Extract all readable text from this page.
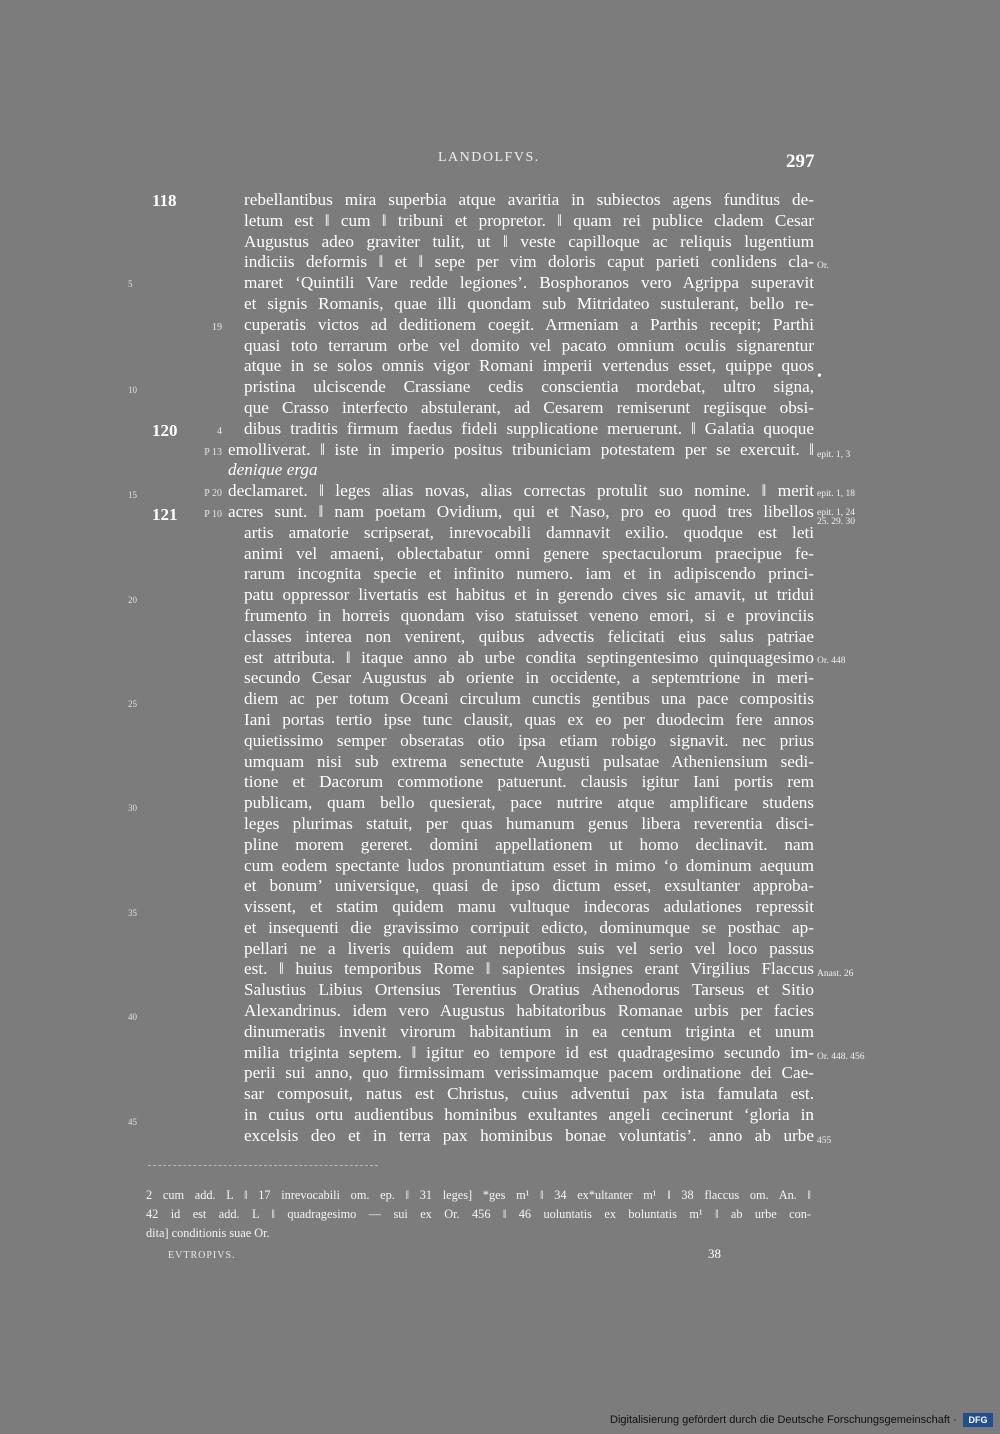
LANDOLFVS.	297
118
120
121
5
10
15
20
25
30
35
40
45
19
4
P 13
P 20
P 10
rebellantibus mira superbia atque avaritia in subiectos agens funditus de-
letum est ‖ cum ‖ tribuni et propretor. ‖ quam rei publice cladem Cesar
Augustus adeo graviter tulit, ut ‖ veste capilloque ac reliquis lugentium
indiciis deformis ‖ et ‖ sepe per vim doloris caput parieti conlidens cla-
maret ‘Quintili Vare redde legiones’. Bosphoranos vero Agrippa superavit
et signis Romanis, quae illi quondam sub Mitridateo sustulerant, bello re-
cuperatis victos ad deditionem coegit. Armeniam a Parthis recepit; Parthi
quasi toto terrarum orbe vel domito vel pacato omnium oculis signarentur
atque in se solos omnis vigor Romani imperii vertendus esset, quippe quos
pristina ulciscende Crassiane cedis conscientia mordebat, ultro signa,
que Crasso interfecto abstulerant, ad Cesarem remiserunt regiisque obsi-
dibus traditis firmum faedus fideli supplicatione meruerunt. ‖ Galatia quoque
emolliverat. ‖ iste in imperio positus tribuniciam potestatem per se exercuit. ‖
denique erga
declamaret. ‖ leges alias novas, alias correctas protulit suo nomine. ‖ merit
acres sunt. ‖ nam poetam Ovidium, qui et Naso, pro eo quod tres libellos
artis amatorie scripserat, inrevocabili damnavit exilio. quodque est leti
animi vel amaeni, oblectabatur omni genere spectaculorum praecipue fe-
rarum incognita specie et infinito numero. iam et in adipiscendo princi-
patu oppressor livertatis est habitus et in gerendo cives sic amavit, ut tridui
frumento in horreis quondam viso statuisset veneno emori, si e provinciis
classes interea non venirent, quibus advectis felicitati eius salus patriae
est attributa. ‖ itaque anno ab urbe condita septingentesimo quinquagesimo
secundo Cesar Augustus ab oriente in occidente, a septemtrione in meri-
diem ac per totum Oceani circulum cunctis gentibus una pace compositis
Iani portas tertio ipse tunc clausit, quas ex eo per duodecim fere annos
quietissimo semper obseratas otio ipsa etiam robigo signavit. nec prius
umquam nisi sub extrema senectute Augusti pulsatae Atheniensium sedi-
tione et Dacorum commotione patuerunt. clausis igitur Iani portis rem
publicam, quam bello quesierat, pace nutrire atque amplificare studens
leges plurimas statuit, per quas humanum genus libera reverentia disci-
pline morem gereret. domini appellationem ut homo declinavit. nam
cum eodem spectante ludos pronuntiatum esset in mimo ‘o dominum aequum
et bonum’ universique, quasi de ipso dictum esset, exsultanter approba-
vissent, et statim quidem manu vultuque indecoras adulationes repressit
et insequenti die gravissimo corripuit edicto, dominumque se posthac ap-
pellari ne a liveris quidem aut nepotibus suis vel serio vel loco passus
est. ‖ huius temporibus Rome ‖ sapientes insignes erant Virgilius Flaccus
Salustius Libius Ortensius Terentius Oratius Athenodorus Tarseus et Sitio
Alexandrinus. idem vero Augustus habitatoribus Romanae urbis per facies
dinumeratis invenit virorum habitantium in ea centum triginta et unum
milia triginta septem. ‖ igitur eo tempore id est quadragesimo secundo im-
perii sui anno, quo firmissimam verissimamque pacem ordinatione dei Cae-
sar composuit, natus est Christus, cuius adventui pax ista famulata est.
in cuius ortu audientibus hominibus exultantes angeli cecinerunt ‘gloria in
excelsis deo et in terra pax hominibus bonae voluntatis’. anno ab urbe
Or.
•
epit. 1, 3
epit. 1, 18
epit. 1, 24
25. 29. 30
Or. 448
Anast. 26
Or. 448. 456
455
2 cum add. L ‖ 17 inrevocabili om. ep. ‖ 31 leges] *ges m¹ ‖ 34 ex*ultanter m¹ ‖ 38 flaccus om. An. ‖
42 id est add. L ‖ quadragesimo — sui ex Or. 456 ‖ 46 uoluntatis ex boluntatis m¹ ‖ ab urbe con-
dita] conditionis suae Or.
EVTROPIVS.	38
Digitalisierung gefördert durch die Deutsche Forschungsgemeinschaft ·	DFG
